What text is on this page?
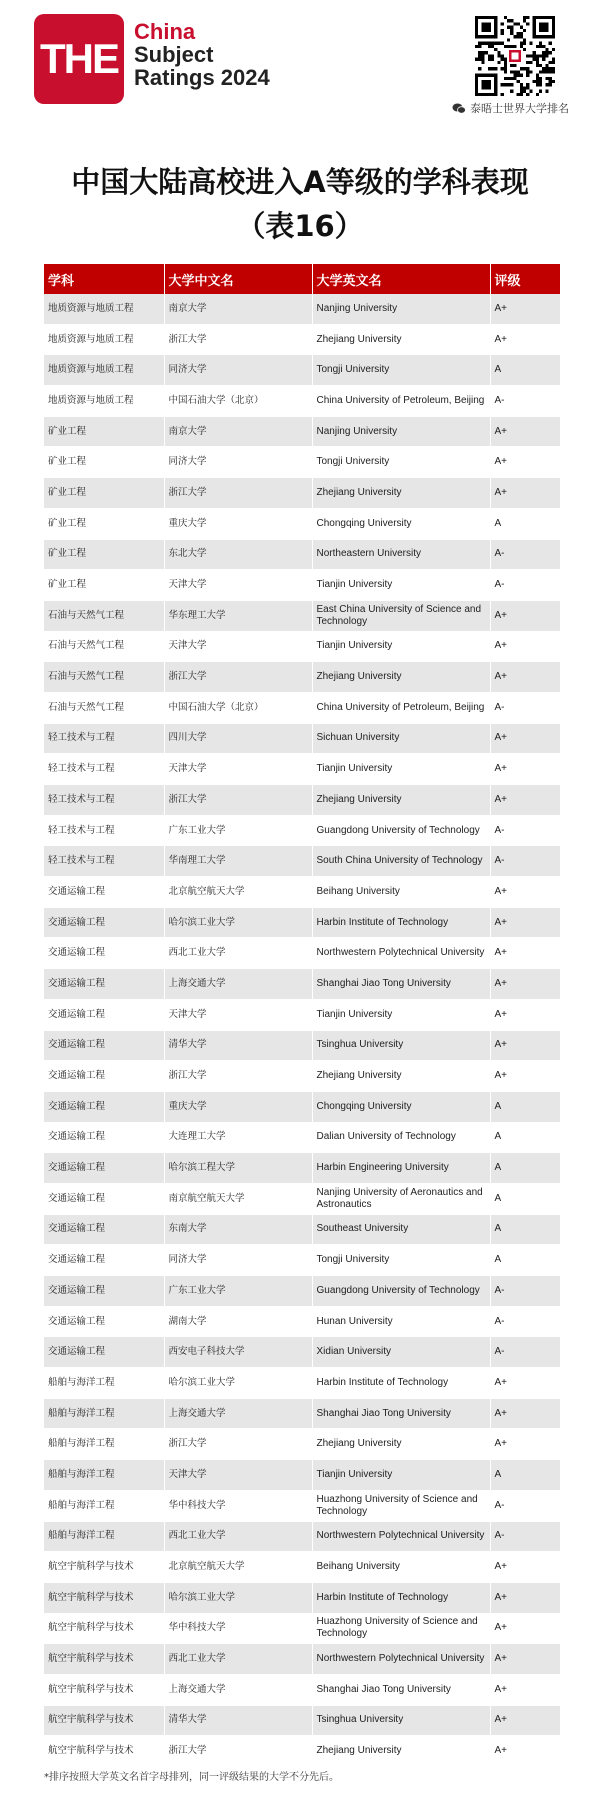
THE
China
Subject
Ratings 2024
泰晤士世界大学排名
中国大陆高校进入A等级的学科表现
（表16）
学科	大学中文名	大学英文名	评级
地质资源与地质工程	南京大学	Nanjing University	A+
地质资源与地质工程	浙江大学	Zhejiang University	A+
地质资源与地质工程	同济大学	Tongji University	A
地质资源与地质工程	中国石油大学（北京）	China University of Petroleum, Beijing	A-
矿业工程	南京大学	Nanjing University	A+
矿业工程	同济大学	Tongji University	A+
矿业工程	浙江大学	Zhejiang University	A+
矿业工程	重庆大学	Chongqing University	A
矿业工程	东北大学	Northeastern University	A-
矿业工程	天津大学	Tianjin University	A-
石油与天然气工程	华东理工大学	East China University of Science and Technology	A+
石油与天然气工程	天津大学	Tianjin University	A+
石油与天然气工程	浙江大学	Zhejiang University	A+
石油与天然气工程	中国石油大学（北京）	China University of Petroleum, Beijing	A-
轻工技术与工程	四川大学	Sichuan University	A+
轻工技术与工程	天津大学	Tianjin University	A+
轻工技术与工程	浙江大学	Zhejiang University	A+
轻工技术与工程	广东工业大学	Guangdong University of Technology	A-
轻工技术与工程	华南理工大学	South China University of Technology	A-
交通运输工程	北京航空航天大学	Beihang University	A+
交通运输工程	哈尔滨工业大学	Harbin Institute of Technology	A+
交通运输工程	西北工业大学	Northwestern Polytechnical University	A+
交通运输工程	上海交通大学	Shanghai Jiao Tong University	A+
交通运输工程	天津大学	Tianjin University	A+
交通运输工程	清华大学	Tsinghua University	A+
交通运输工程	浙江大学	Zhejiang University	A+
交通运输工程	重庆大学	Chongqing University	A
交通运输工程	大连理工大学	Dalian University of Technology	A
交通运输工程	哈尔滨工程大学	Harbin Engineering University	A
交通运输工程	南京航空航天大学	Nanjing University of Aeronautics and Astronautics	A
交通运输工程	东南大学	Southeast University	A
交通运输工程	同济大学	Tongji University	A
交通运输工程	广东工业大学	Guangdong University of Technology	A-
交通运输工程	湖南大学	Hunan University	A-
交通运输工程	西安电子科技大学	Xidian University	A-
船舶与海洋工程	哈尔滨工业大学	Harbin Institute of Technology	A+
船舶与海洋工程	上海交通大学	Shanghai Jiao Tong University	A+
船舶与海洋工程	浙江大学	Zhejiang University	A+
船舶与海洋工程	天津大学	Tianjin University	A
船舶与海洋工程	华中科技大学	Huazhong University of Science and Technology	A-
船舶与海洋工程	西北工业大学	Northwestern Polytechnical University	A-
航空宇航科学与技术	北京航空航天大学	Beihang University	A+
航空宇航科学与技术	哈尔滨工业大学	Harbin Institute of Technology	A+
航空宇航科学与技术	华中科技大学	Huazhong University of Science and Technology	A+
航空宇航科学与技术	西北工业大学	Northwestern Polytechnical University	A+
航空宇航科学与技术	上海交通大学	Shanghai Jiao Tong University	A+
航空宇航科学与技术	清华大学	Tsinghua University	A+
航空宇航科学与技术	浙江大学	Zhejiang University	A+
*排序按照大学英文名首字母排列，同一评级结果的大学不分先后。
